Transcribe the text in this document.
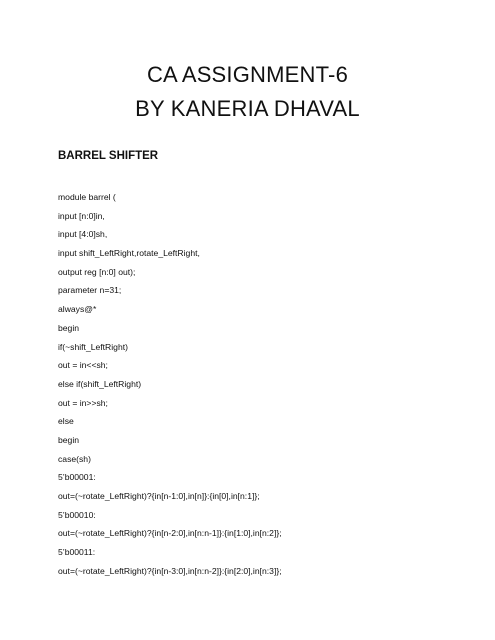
CA ASSIGNMENT-6
BY KANERIA DHAVAL
BARREL SHIFTER
module barrel (
input [n:0]in,
input [4:0]sh,
input shift_LeftRight,rotate_LeftRight,
output reg [n:0] out);
parameter n=31;
always@*
begin
if(~shift_LeftRight)
out = in<<sh;
else if(shift_LeftRight)
out = in>>sh;
else
begin
case(sh)
5’b00001:
out=(~rotate_LeftRight)?{in[n-1:0],in[n]}:{in[0],in[n:1]};
5’b00010:
out=(~rotate_LeftRight)?{in[n-2:0],in[n:n-1]}:{in[1:0],in[n:2]};
5’b00011:
out=(~rotate_LeftRight)?{in[n-3:0],in[n:n-2]}:{in[2:0],in[n:3]};
